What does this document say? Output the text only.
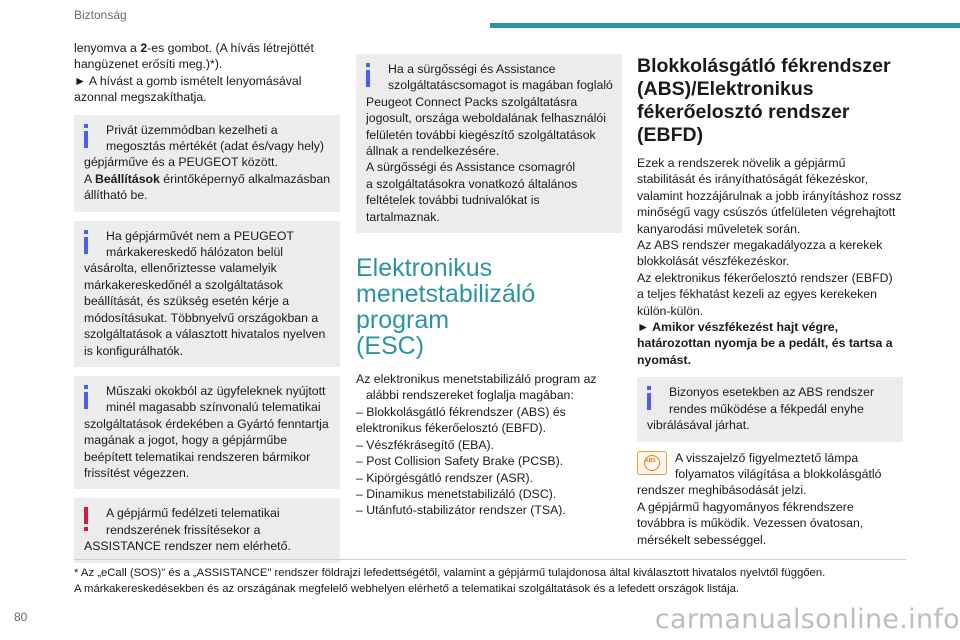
Biztonság

lenyomva a 2-es gombot. (A hívás létrejöttét

hangüzenet erősíti meg.)*).

► A hívást a gomb ismételt lenyomásával

azonnal megszakíthatja.

Privát üzemmódban kezelheti a

megosztás mértékét (adat és/vagy hely)

gépjárműve és a PEUGEOT között.

A Beállítások érintőképernyő alkalmazásban

állítható be.

Ha gépjárművét nem a PEUGEOT

márkakereskedő hálózaton belül

vásárolta, ellenőriztesse valamelyik

márkakereskedőnél a szolgáltatások

beállítását, és szükség esetén kérje a

módosításukat. Többnyelvű országokban a

szolgáltatások a választott hivatalos nyelven

is konfigurálhatók.

Műszaki okokból az ügyfeleknek nyújtott

minél magasabb színvonalú telematikai

szolgáltatások érdekében a Gyártó fenntartja

magának a jogot, hogy a gépjárműbe

beépített telematikai rendszeren bármikor

frissítést végezzen.

A gépjármű fedélzeti telematikai

rendszerének frissítésekor a

ASSISTANCE rendszer nem elérhető.

Ha a sürgősségi és Assistance

szolgáltatáscsomagot is magában foglaló

Peugeot Connect Packs szolgáltatásra

jogosult, országa weboldalának felhasználói

felületén további kiegészítő szolgáltatások

állnak a rendelkezésére.

A sürgősségi és Assistance csomagról

a szolgáltatásokra vonatkozó általános

feltételek további tudnivalókat is tartalmaznak.

Elektronikus
menetstabilizáló program
(ESC)

Az elektronikus menetstabilizáló program az

alábbi rendszereket foglalja magában:

– Blokkolásgátló fékrendszer (ABS) és

elektronikus fékerőelosztó (EBFD).

– Vészfékrásegítő (EBA).

– Post Collision Safety Brake (PCSB).

– Kipörgésgátló rendszer (ASR).

– Dinamikus menetstabilizáló (DSC).

– Utánfutó-stabilizátor rendszer (TSA).

Blokkolásgátló fékrendszer
(ABS)/Elektronikus
fékerőelosztó rendszer
(EBFD)

Ezek a rendszerek növelik a gépjármű

stabilitását és irányíthatóságát fékezéskor,

valamint hozzájárulnak a jobb irányításhoz rossz

minőségű vagy csúszós útfelületen végrehajtott

kanyarodási műveletek során.

Az ABS rendszer megakadályozza a kerekek

blokkolását vészfékezéskor.

Az elektronikus fékerőelosztó rendszer (EBFD)

a teljes fékhatást kezeli az egyes kerekeken

külön-külön.

► Amikor vészfékezést hajt végre,

határozottan nyomja be a pedált, és tartsa a

nyomást.

Bizonyos esetekben az ABS rendszer

rendes működése a fékpedál enyhe

vibrálásával járhat.

ABS	A visszajelző figyelmeztető lámpa

folyamatos világítása a blokkolásgátló

rendszer meghibásodását jelzi.

A gépjármű hagyományos fékrendszere

továbbra is működik. Vezessen óvatosan,

mérsékelt sebességgel.

* Az „eCall (SOS)" és a „ASSISTANCE" rendszer földrajzi lefedettségétől, valamint a gépjármű tulajdonosa által kiválasztott hivatalos nyelvtől függően.

A márkakereskedésekben és az országának megfelelő webhelyen elérhető a telematikai szolgáltatások és a lefedett országok listája.

80	carmanualsonline.info
